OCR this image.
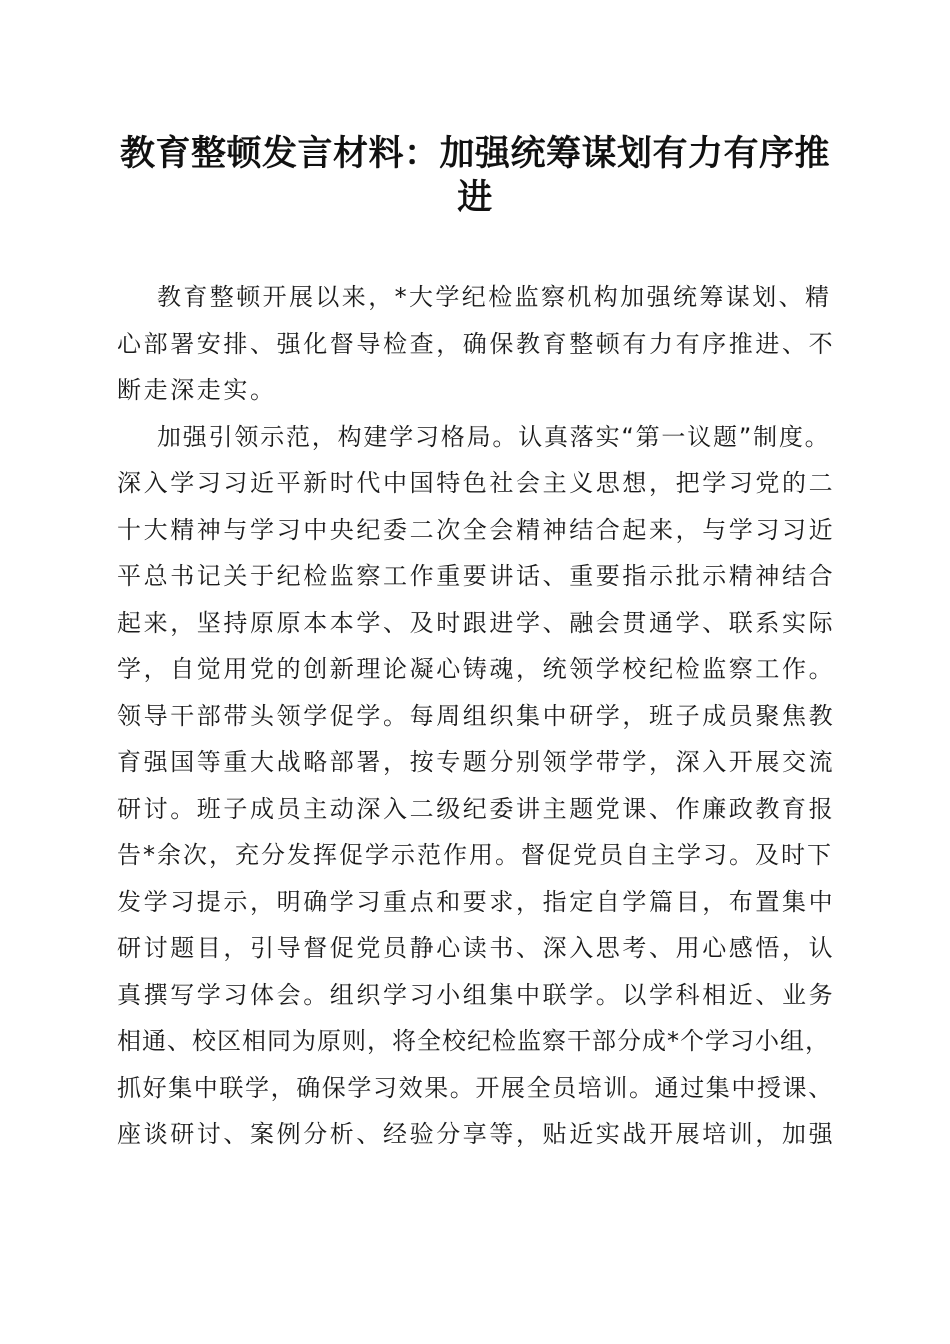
教育整顿发言材料：加强统筹谋划有力有序推进
教育整顿开展以来，*大学纪检监察机构加强统筹谋划、精
心部署安排、强化督导检查，确保教育整顿有力有序推进、不
断走深走实。
加强引领示范，构建学习格局。认真落实“第一议题”制度。
深入学习习近平新时代中国特色社会主义思想，把学习党的二
十大精神与学习中央纪委二次全会精神结合起来，与学习习近
平总书记关于纪检监察工作重要讲话、重要指示批示精神结合
起来，坚持原原本本学、及时跟进学、融会贯通学、联系实际
学，自觉用党的创新理论凝心铸魂，统领学校纪检监察工作。
领导干部带头领学促学。每周组织集中研学，班子成员聚焦教
育强国等重大战略部署，按专题分别领学带学，深入开展交流
研讨。班子成员主动深入二级纪委讲主题党课、作廉政教育报
告*余次，充分发挥促学示范作用。督促党员自主学习。及时下
发学习提示，明确学习重点和要求，指定自学篇目，布置集中
研讨题目，引导督促党员静心读书、深入思考、用心感悟，认
真撰写学习体会。组织学习小组集中联学。以学科相近、业务
相通、校区相同为原则，将全校纪检监察干部分成*个学习小组，
抓好集中联学，确保学习效果。开展全员培训。通过集中授课、
座谈研讨、案例分析、经验分享等，贴近实战开展培训，加强
